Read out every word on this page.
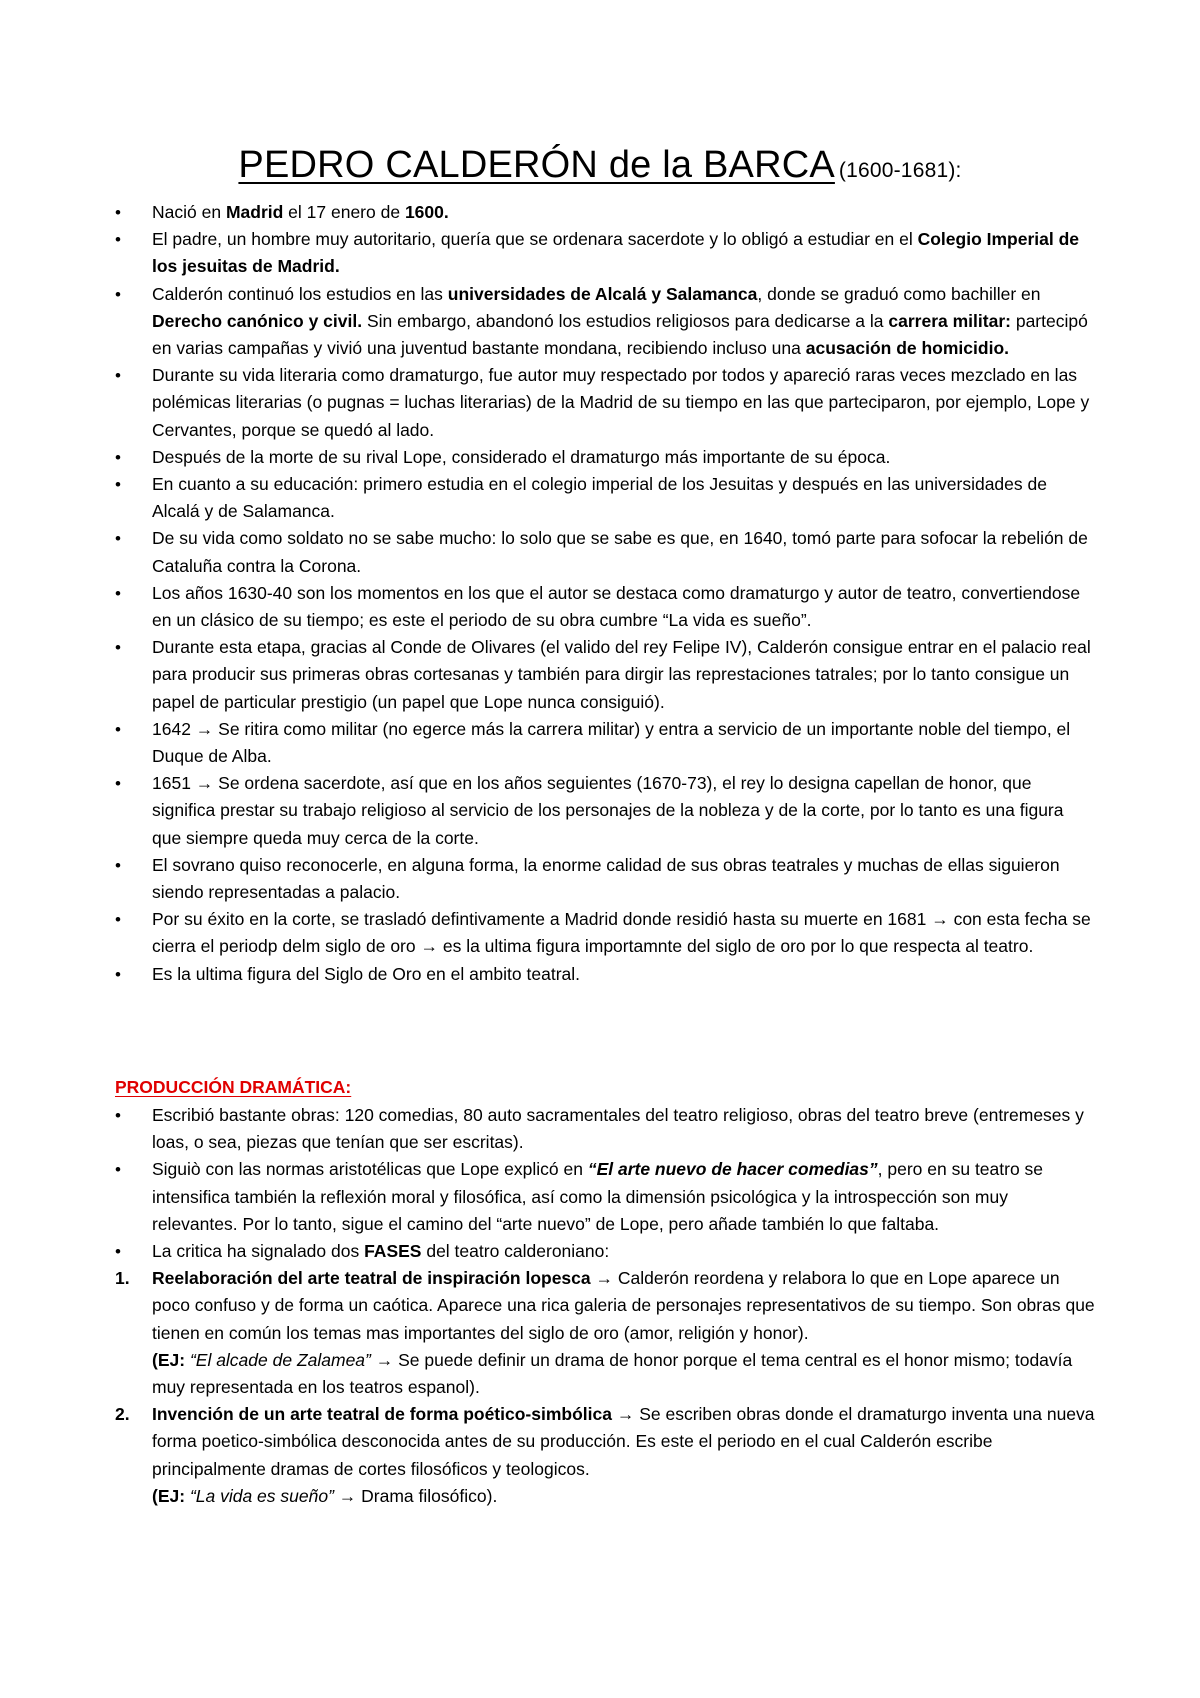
PEDRO CALDERÓN de la BARCA (1600-1681):
• Nació en Madrid el 17 enero de 1600.
• El padre, un hombre muy autoritario, quería que se ordenara sacerdote y lo obligó a estudiar en el Colegio Imperial de los jesuitas de Madrid.
• Calderón continuó los estudios en las universidades de Alcalá y Salamanca, donde se graduó como bachiller en Derecho canónico y civil. Sin embargo, abandonó los estudios religiosos para dedicarse a la carrera militar: partecipó en varias campañas y vivió una juventud bastante mondana, recibiendo incluso una acusación de homicidio.
• Durante su vida literaria como dramaturgo, fue autor muy respectado por todos y apareció raras veces mezclado en las polémicas literarias (o pugnas = luchas literarias) de la Madrid de su tiempo en las que parteciparon, por ejemplo, Lope y Cervantes, porque se quedó al lado.
• Después de la morte de su rival Lope, considerado el dramaturgo más importante de su época.
• En cuanto a su educación: primero estudia en el colegio imperial de los Jesuitas y después en las universidades de Alcalá y de Salamanca.
• De su vida como soldato no se sabe mucho: lo solo que se sabe es que, en 1640, tomó parte para sofocar la rebelión de Cataluña contra la Corona.
• Los años 1630-40 son los momentos en los que el autor se destaca como dramaturgo y autor de teatro, convertiendose en un clásico de su tiempo; es este el periodo de su obra cumbre “La vida es sueño”.
• Durante esta etapa, gracias al Conde de Olivares (el valido del rey Felipe IV), Calderón consigue entrar en el palacio real para producir sus primeras obras cortesanas y también para dirgir las represtaciones tatrales; por lo tanto consigue un papel de particular prestigio (un papel que Lope nunca consiguió).
• 1642 → Se ritira como militar (no egerce más la carrera militar) y entra a servicio de un importante noble del tiempo, el Duque de Alba.
• 1651 → Se ordena sacerdote, así que en los años seguientes (1670-73), el rey lo designa capellan de honor, que significa prestar su trabajo religioso al servicio de los personajes de la nobleza y de la corte, por lo tanto es una figura que siempre queda muy cerca de la corte.
• El sovrano quiso reconocerle, en alguna forma, la enorme calidad de sus obras teatrales y muchas de ellas siguieron siendo representadas a palacio.
• Por su éxito en la corte, se trasladó defintivamente a Madrid donde residió hasta su muerte en 1681 → con esta fecha se cierra el periodp delm siglo de oro → es la ultima figura importamnte del siglo de oro por lo que respecta al teatro.
• Es la ultima figura del Siglo de Oro en el ambito teatral.
PRODUCCIÓN DRAMÁTICA:
• Escribió bastante obras: 120 comedias, 80 auto sacramentales del teatro religioso, obras del teatro breve (entremeses y loas, o sea, piezas que tenían que ser escritas).
• Siguiò con las normas aristotélicas que Lope explicó en “El arte nuevo de hacer comedias”, pero en su teatro se intensifica también la reflexión moral y filosófica, así como la dimensión psicológica y la introspección son muy relevantes. Por lo tanto, sigue el camino del “arte nuevo” de Lope, pero añade también lo que faltaba.
• La critica ha signalado dos FASES del teatro calderoniano:
1. Reelaboración del arte teatral de inspiración lopesca → Calderón reordena y relabora lo que en Lope aparece un poco confuso y de forma un caótica. Aparece una rica galeria de personajes representativos de su tiempo. Son obras que tienen en común los temas mas importantes del siglo de oro (amor, religión y honor).
(EJ: “El alcade de Zalamea” → Se puede definir un drama de honor porque el tema central es el honor mismo; todavía muy representada en los teatros espanol).
2. Invención de un arte teatral de forma poético-simbólica → Se escriben obras donde el dramaturgo inventa una nueva forma poetico-simbólica desconocida antes de su producción. Es este el periodo en el cual Calderón escribe principalmente dramas de cortes filosóficos y teologicos.
(EJ: “La vida es sueño” → Drama filosófico).
